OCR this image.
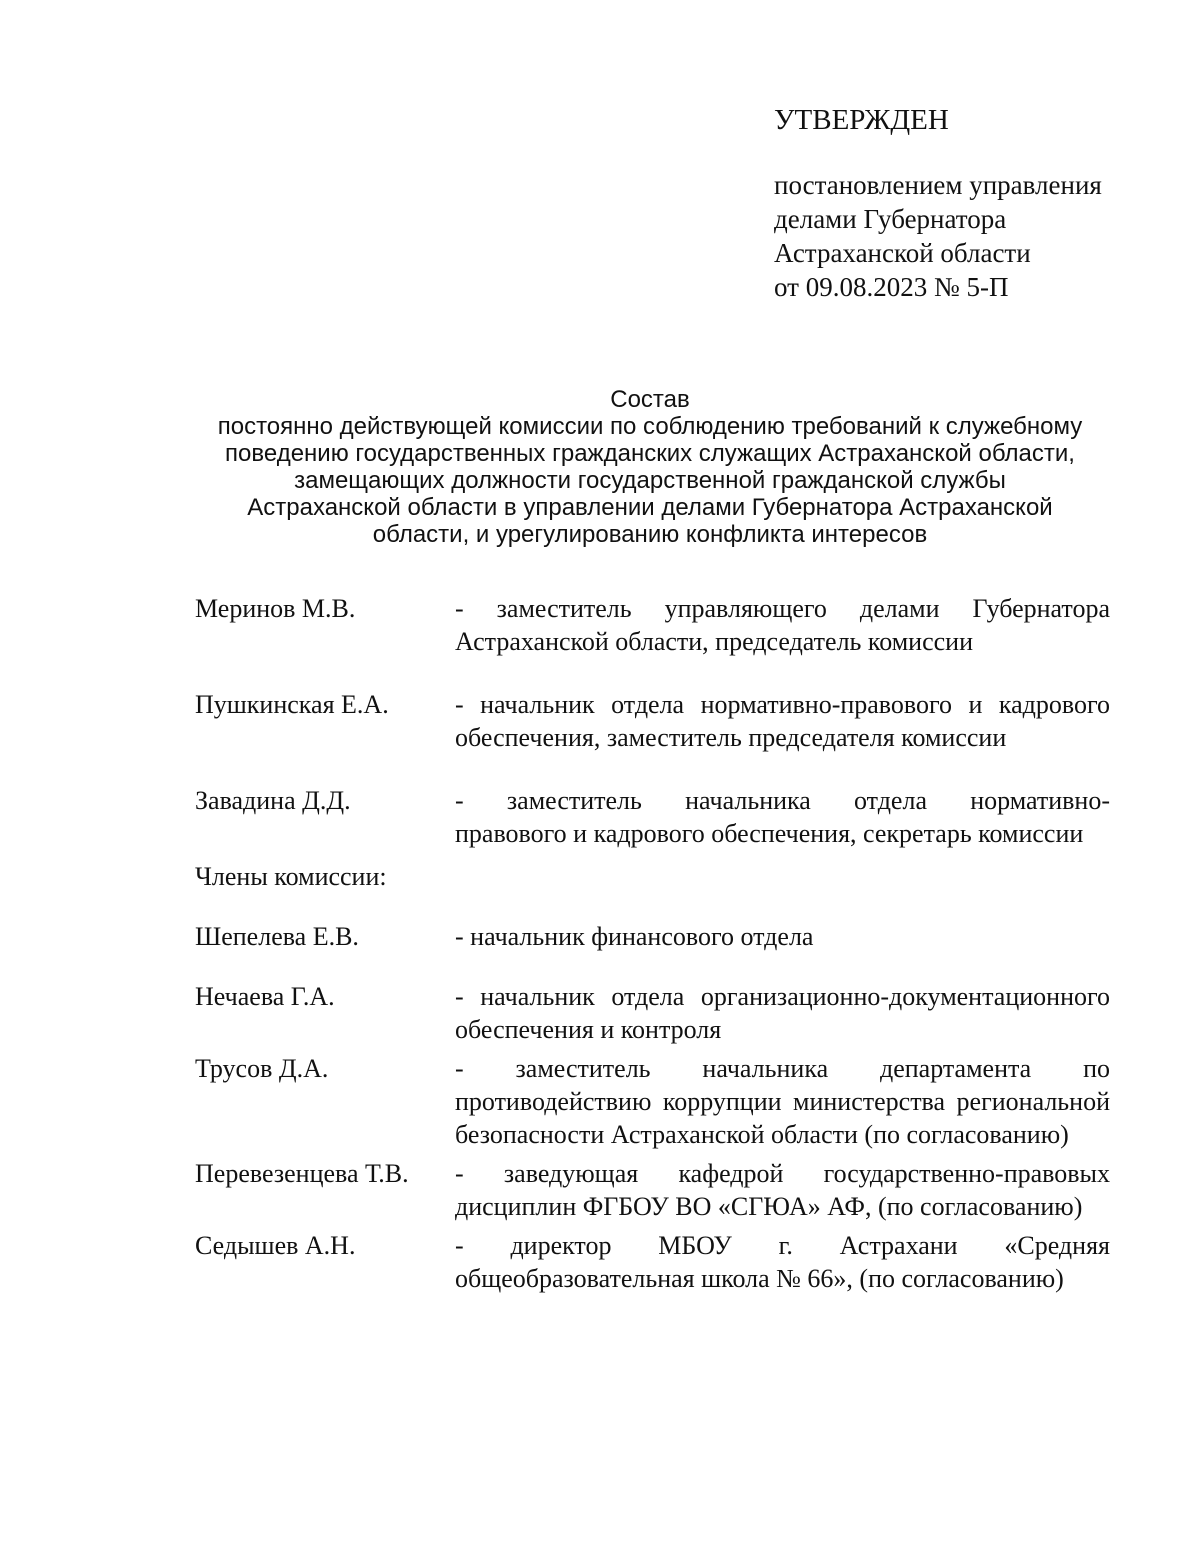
УТВЕРЖДЕН
постановлением управления
делами Губернатора
Астраханской области
от 09.08.2023 № 5-П
Состав
постоянно действующей комиссии по соблюдению требований к служебному
поведению государственных гражданских служащих Астраханской области,
замещающих должности государственной гражданской службы
Астраханской области в управлении делами Губернатора Астраханской
области, и урегулированию конфликта интересов
Меринов М.В.	- заместитель управляющего делами Губернатора Астраханской области, председатель комиссии
Пушкинская Е.А.	- начальник отдела нормативно-правового и кадрового обеспечения, заместитель председателя комиссии
Завадина Д.Д.	- заместитель начальника отдела нормативно-
правового и кадрового обеспечения, секретарь комиссии
Члены комиссии:
Шепелева Е.В.	- начальник финансового отдела
Нечаева Г.А.	- начальник отдела организационно-документационного обеспечения и контроля
Трусов Д.А.	- заместитель начальника департамента по противодействию коррупции министерства региональной безопасности Астраханской области (по согласованию)
Перевезенцева Т.В.	- заведующая кафедрой государственно-правовых дисциплин ФГБОУ ВО «СГЮА» АФ, (по согласованию)
Седышев А.Н.	- директор МБОУ г. Астрахани «Средняя общеобразовательная школа № 66», (по согласованию)
